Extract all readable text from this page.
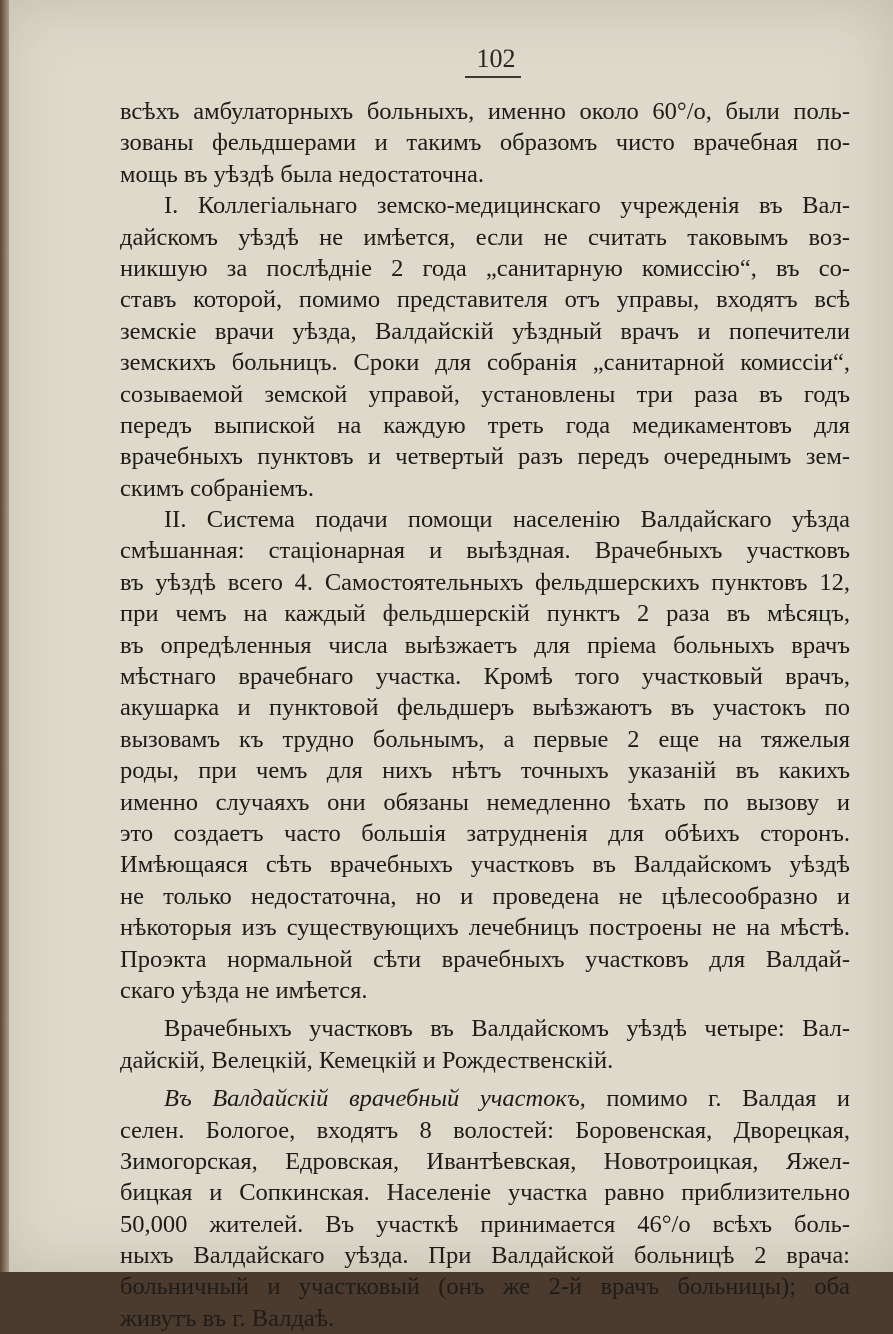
102
всѣхъ амбулаторныхъ больныхъ, именно около 60°/о, были поль-
зованы фельдшерами и такимъ образомъ чисто врачебная по-
мощь въ уѣздѣ была недостаточна.
I. Коллегіальнаго земско-медицинскаго учрежденія въ Вал-
дайскомъ уѣздѣ не имѣется, если не считать таковымъ воз-
никшую за послѣдніе 2 года „санитарную комиссію“, въ со-
ставъ которой, помимо представителя отъ управы, входятъ всѣ
земскіе врачи уѣзда, Валдайскій уѣздный врачъ и попечители
земскихъ больницъ. Сроки для собранія „санитарной комиссіи“,
созываемой земской управой, установлены три раза въ годъ
передъ выпиской на каждую треть года медикаментовъ для
врачебныхъ пунктовъ и четвертый разъ передъ очереднымъ зем-
скимъ собраніемъ.
II. Система подачи помощи населенію Валдайскаго уѣзда
смѣшанная: стаціонарная и выѣздная. Врачебныхъ участковъ
въ уѣздѣ всего 4. Самостоятельныхъ фельдшерскихъ пунктовъ 12,
при чемъ на каждый фельдшерскій пунктъ 2 раза въ мѣсяцъ,
въ опредѣленныя числа выѣзжаетъ для пріема больныхъ врачъ
мѣстнаго врачебнаго участка. Кромѣ того участковый врачъ,
акушарка и пунктовой фельдшеръ выѣзжаютъ въ участокъ по
вызовамъ къ трудно больнымъ, а первые 2 еще на тяжелыя
роды, при чемъ для нихъ нѣтъ точныхъ указаній въ какихъ
именно случаяхъ они обязаны немедленно ѣхать по вызову и
это создаетъ часто большія затрудненія для обѣихъ сторонъ.
Имѣющаяся сѣть врачебныхъ участковъ въ Валдайскомъ уѣздѣ
не только недостаточна, но и проведена не цѣлесообразно и
нѣкоторыя изъ существующихъ лечебницъ построены не на мѣстѣ.
Проэкта нормальной сѣти врачебныхъ участковъ для Валдай-
скаго уѣзда не имѣется.
Врачебныхъ участковъ въ Валдайскомъ уѣздѣ четыре: Вал-
дайскій, Велецкій, Кемецкій и Рождественскій.
Въ Валдайскій врачебный участокъ, помимо г. Валдая и
селен. Бологое, входятъ 8 волостей: Боровенская, Дворецкая,
Зимогорская, Едровская, Ивантѣевская, Новотроицкая, Яжел-
бицкая и Сопкинская. Населеніе участка равно приблизительно
50,000 жителей. Въ участкѣ принимается 46°/о всѣхъ боль-
ныхъ Валдайскаго уѣзда. При Валдайской больницѣ 2 врача:
больничный и участковый (онъ же 2-й врачъ больницы); оба
живутъ въ г. Валдаѣ.
